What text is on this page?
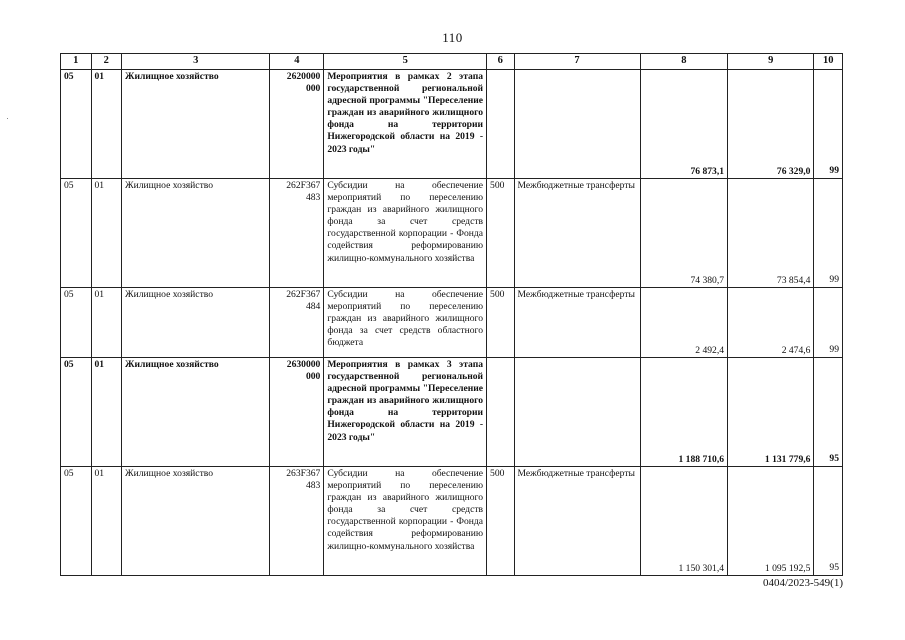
110
1	2	3	4	5	6	7	8	9	10
05	01	Жилищное хозяйство	2620000 000	Мероприятия в рамках 2 этапа государственной региональной адресной программы "Переселение граждан из аварийного жилищного фонда на территории Нижегородской области на 2019 - 2023 годы"			76 873,1	76 329,0	99
05	01	Жилищное хозяйство	262F367 483	Субсидии на обеспечение мероприятий по переселению граждан из аварийного жилищного фонда за счет средств государственной корпорации - Фонда содействия реформированию жилищно-коммунального хозяйства	500	Межбюджетные трансферты	74 380,7	73 854,4	99
05	01	Жилищное хозяйство	262F367 484	Субсидии на обеспечение мероприятий по переселению граждан из аварийного жилищного фонда за счет средств областного бюджета	500	Межбюджетные трансферты	2 492,4	2 474,6	99
05	01	Жилищное хозяйство	2630000 000	Мероприятия в рамках 3 этапа государственной региональной адресной программы "Переселение граждан из аварийного жилищного фонда на территории Нижегородской области на 2019 - 2023 годы"			1 188 710,6	1 131 779,6	95
05	01	Жилищное хозяйство	263F367 483	Субсидии на обеспечение мероприятий по переселению граждан из аварийного жилищного фонда за счет средств государственной корпорации - Фонда содействия реформированию жилищно-коммунального хозяйства	500	Межбюджетные трансферты	1 150 301,4	1 095 192,5	95
0404/2023-549(1)
